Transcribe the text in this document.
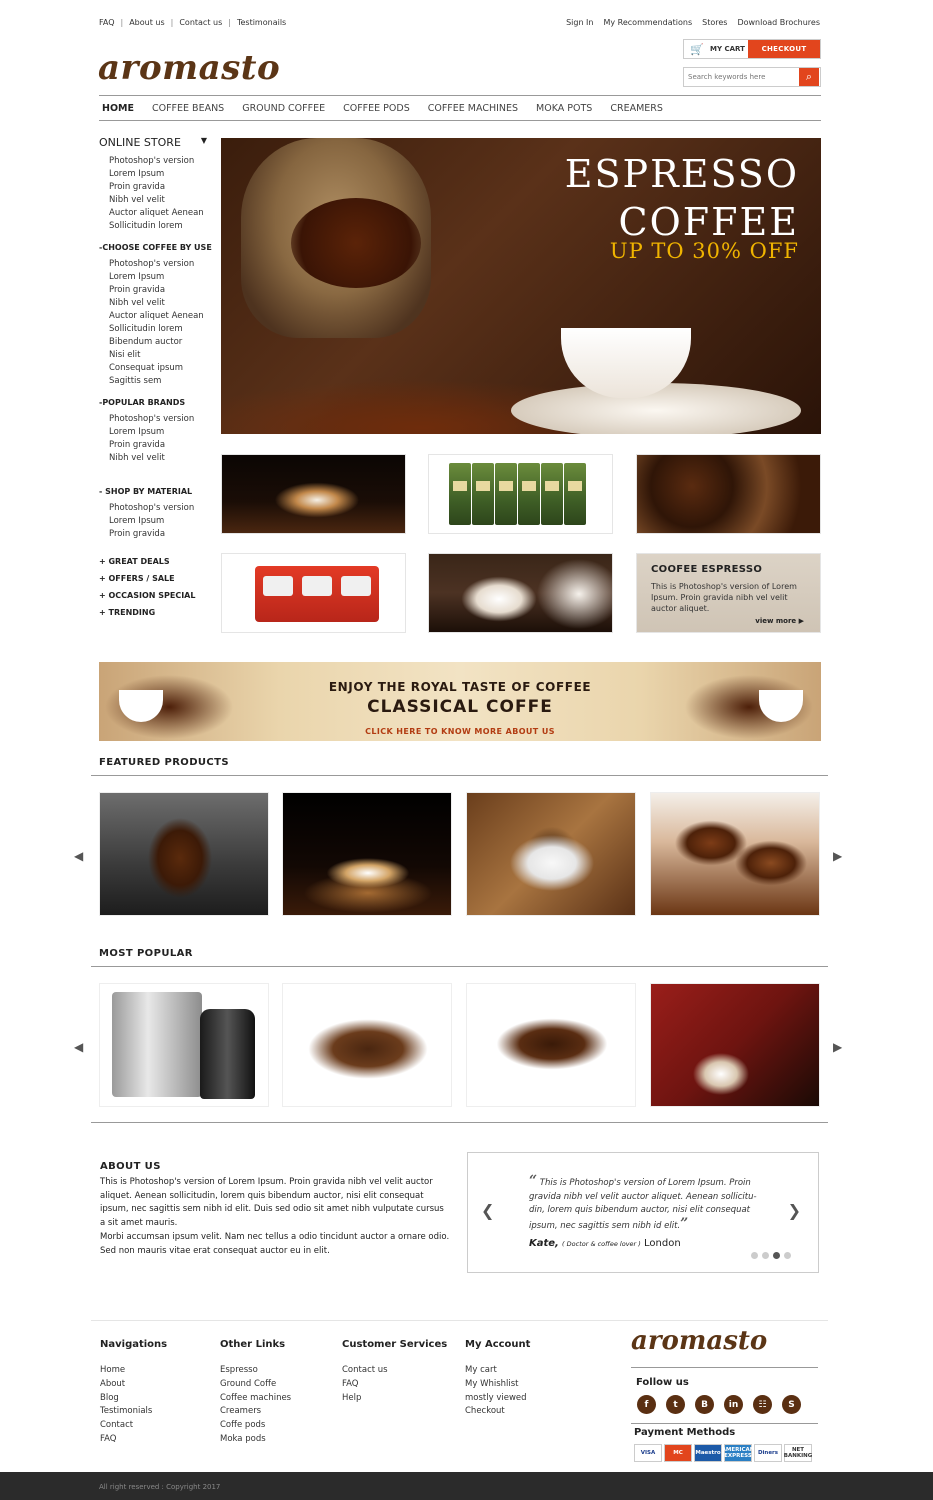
FAQ | About us | Contact us | Testimonails	Sign In My Recommendations Stores Download Brochures
aromasto	🛒 MY CART	CHECKOUT
Search keywords here
⌕
HOME	COFFEE BEANS	GROUND COFFEE	COFFEE PODS	COFFEE MACHINES	MOKA POTS	CREAMERS
ONLINE STORE ▼
Photoshop's version
Lorem Ipsum
Proin gravida
Nibh vel velit
Auctor aliquet Aenean
Sollicitudin lorem
-CHOOSE COFFEE BY USE
Photoshop's version
Lorem Ipsum
Proin gravida
Nibh vel velit
Auctor aliquet Aenean
Sollicitudin lorem
Bibendum auctor
Nisi elit
Consequat ipsum
Sagittis sem
-POPULAR BRANDS
Photoshop's version
Lorem Ipsum
Proin gravida
Nibh vel velit
- SHOP BY MATERIAL
Photoshop's version
Lorem Ipsum
Proin gravida
+ GREAT DEALS
+ OFFERS / SALE
+ OCCASION SPECIAL
+ TRENDING
ESPRESSO
COFFEE
UP TO 30% OFF
COOFEE ESPRESSO
This is Photoshop's version of Lorem Ipsum. Proin gravida nibh vel velit auctor aliquet.
view more ▶
ENJOY THE ROYAL TASTE OF COFFEE
CLASSICAL COFFE
CLICK HERE TO KNOW MORE ABOUT US
FEATURED PRODUCTS
◀	▶
MOST POPULAR
◀	▶
ABOUT US
This is Photoshop's version of Lorem Ipsum. Proin gravida nibh vel velit auctor aliquet. Aenean sollicitudin, lorem quis bibendum auctor, nisi elit consequat ipsum, nec sagittis sem nibh id elit. Duis sed odio sit amet nibh vulputate cursus a sit amet mauris.
Morbi accumsan ipsum velit. Nam nec tellus a odio tincidunt auctor a ornare odio. Sed non mauris vitae erat consequat auctor eu in elit.
❮	❯
“ This is Photoshop's version of Lorem Ipsum. Proin gravida nibh vel velit auctor aliquet. Aenean sollicitu-din, lorem quis bibendum auctor, nisi elit consequat ipsum, nec sagittis sem nibh id elit.”
Kate, ( Doctor & coffee lover ) London
Navigations
Home
About
Blog
Testimonials
Contact
FAQ
Other Links
Espresso
Ground Coffe
Coffee machines
Creamers
Coffe pods
Moka pods
Customer Services
Contact us
FAQ
Help
My Account
My cart
My Whishlist
mostly viewed
Checkout
aromasto
Follow us
f	t	B	in	☷	S
Payment Methods
VISA	MC	Maestro AMERICAN EXPRESS	Diners	NET BANKING
All right reserved : Copyright 2017
